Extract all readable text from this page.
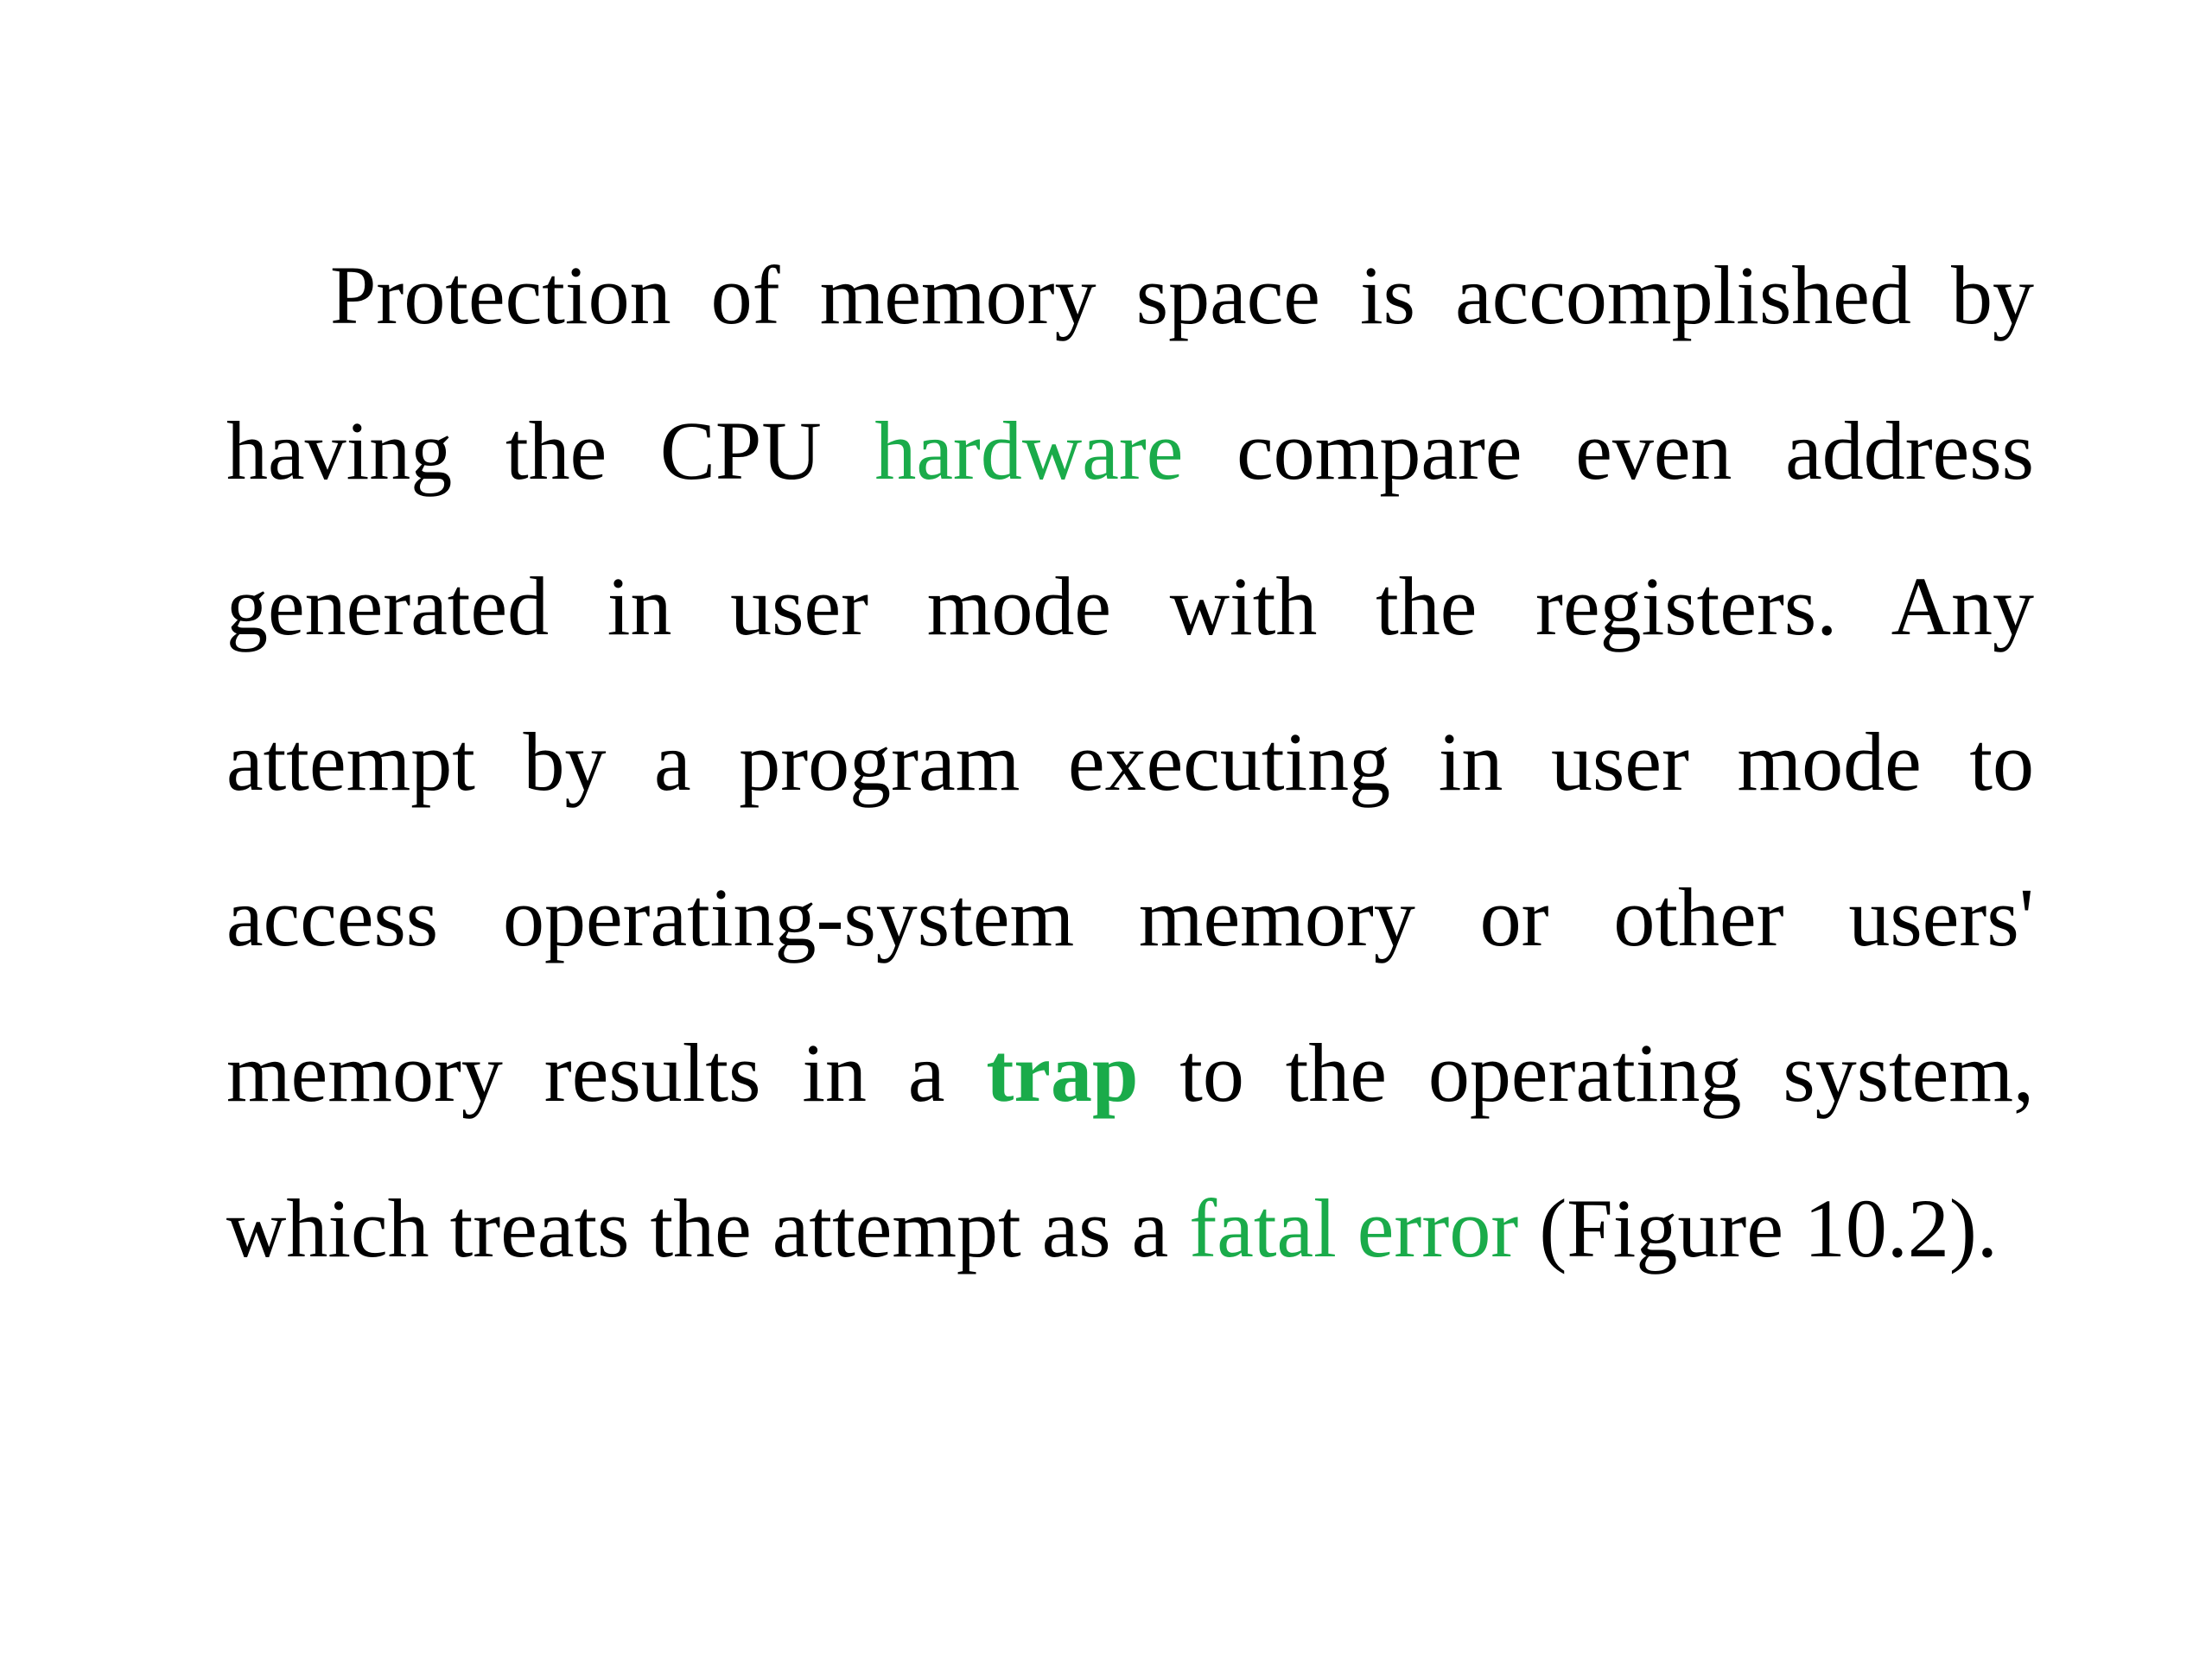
Protection of memory space is accomplished by having the CPU hardware compare even address generated in user mode with the registers. Any attempt by a program executing in user mode to access operating-system memory or other users' memory results in a trap to the operating system, which treats the attempt as a fatal error (Figure 10.2).
